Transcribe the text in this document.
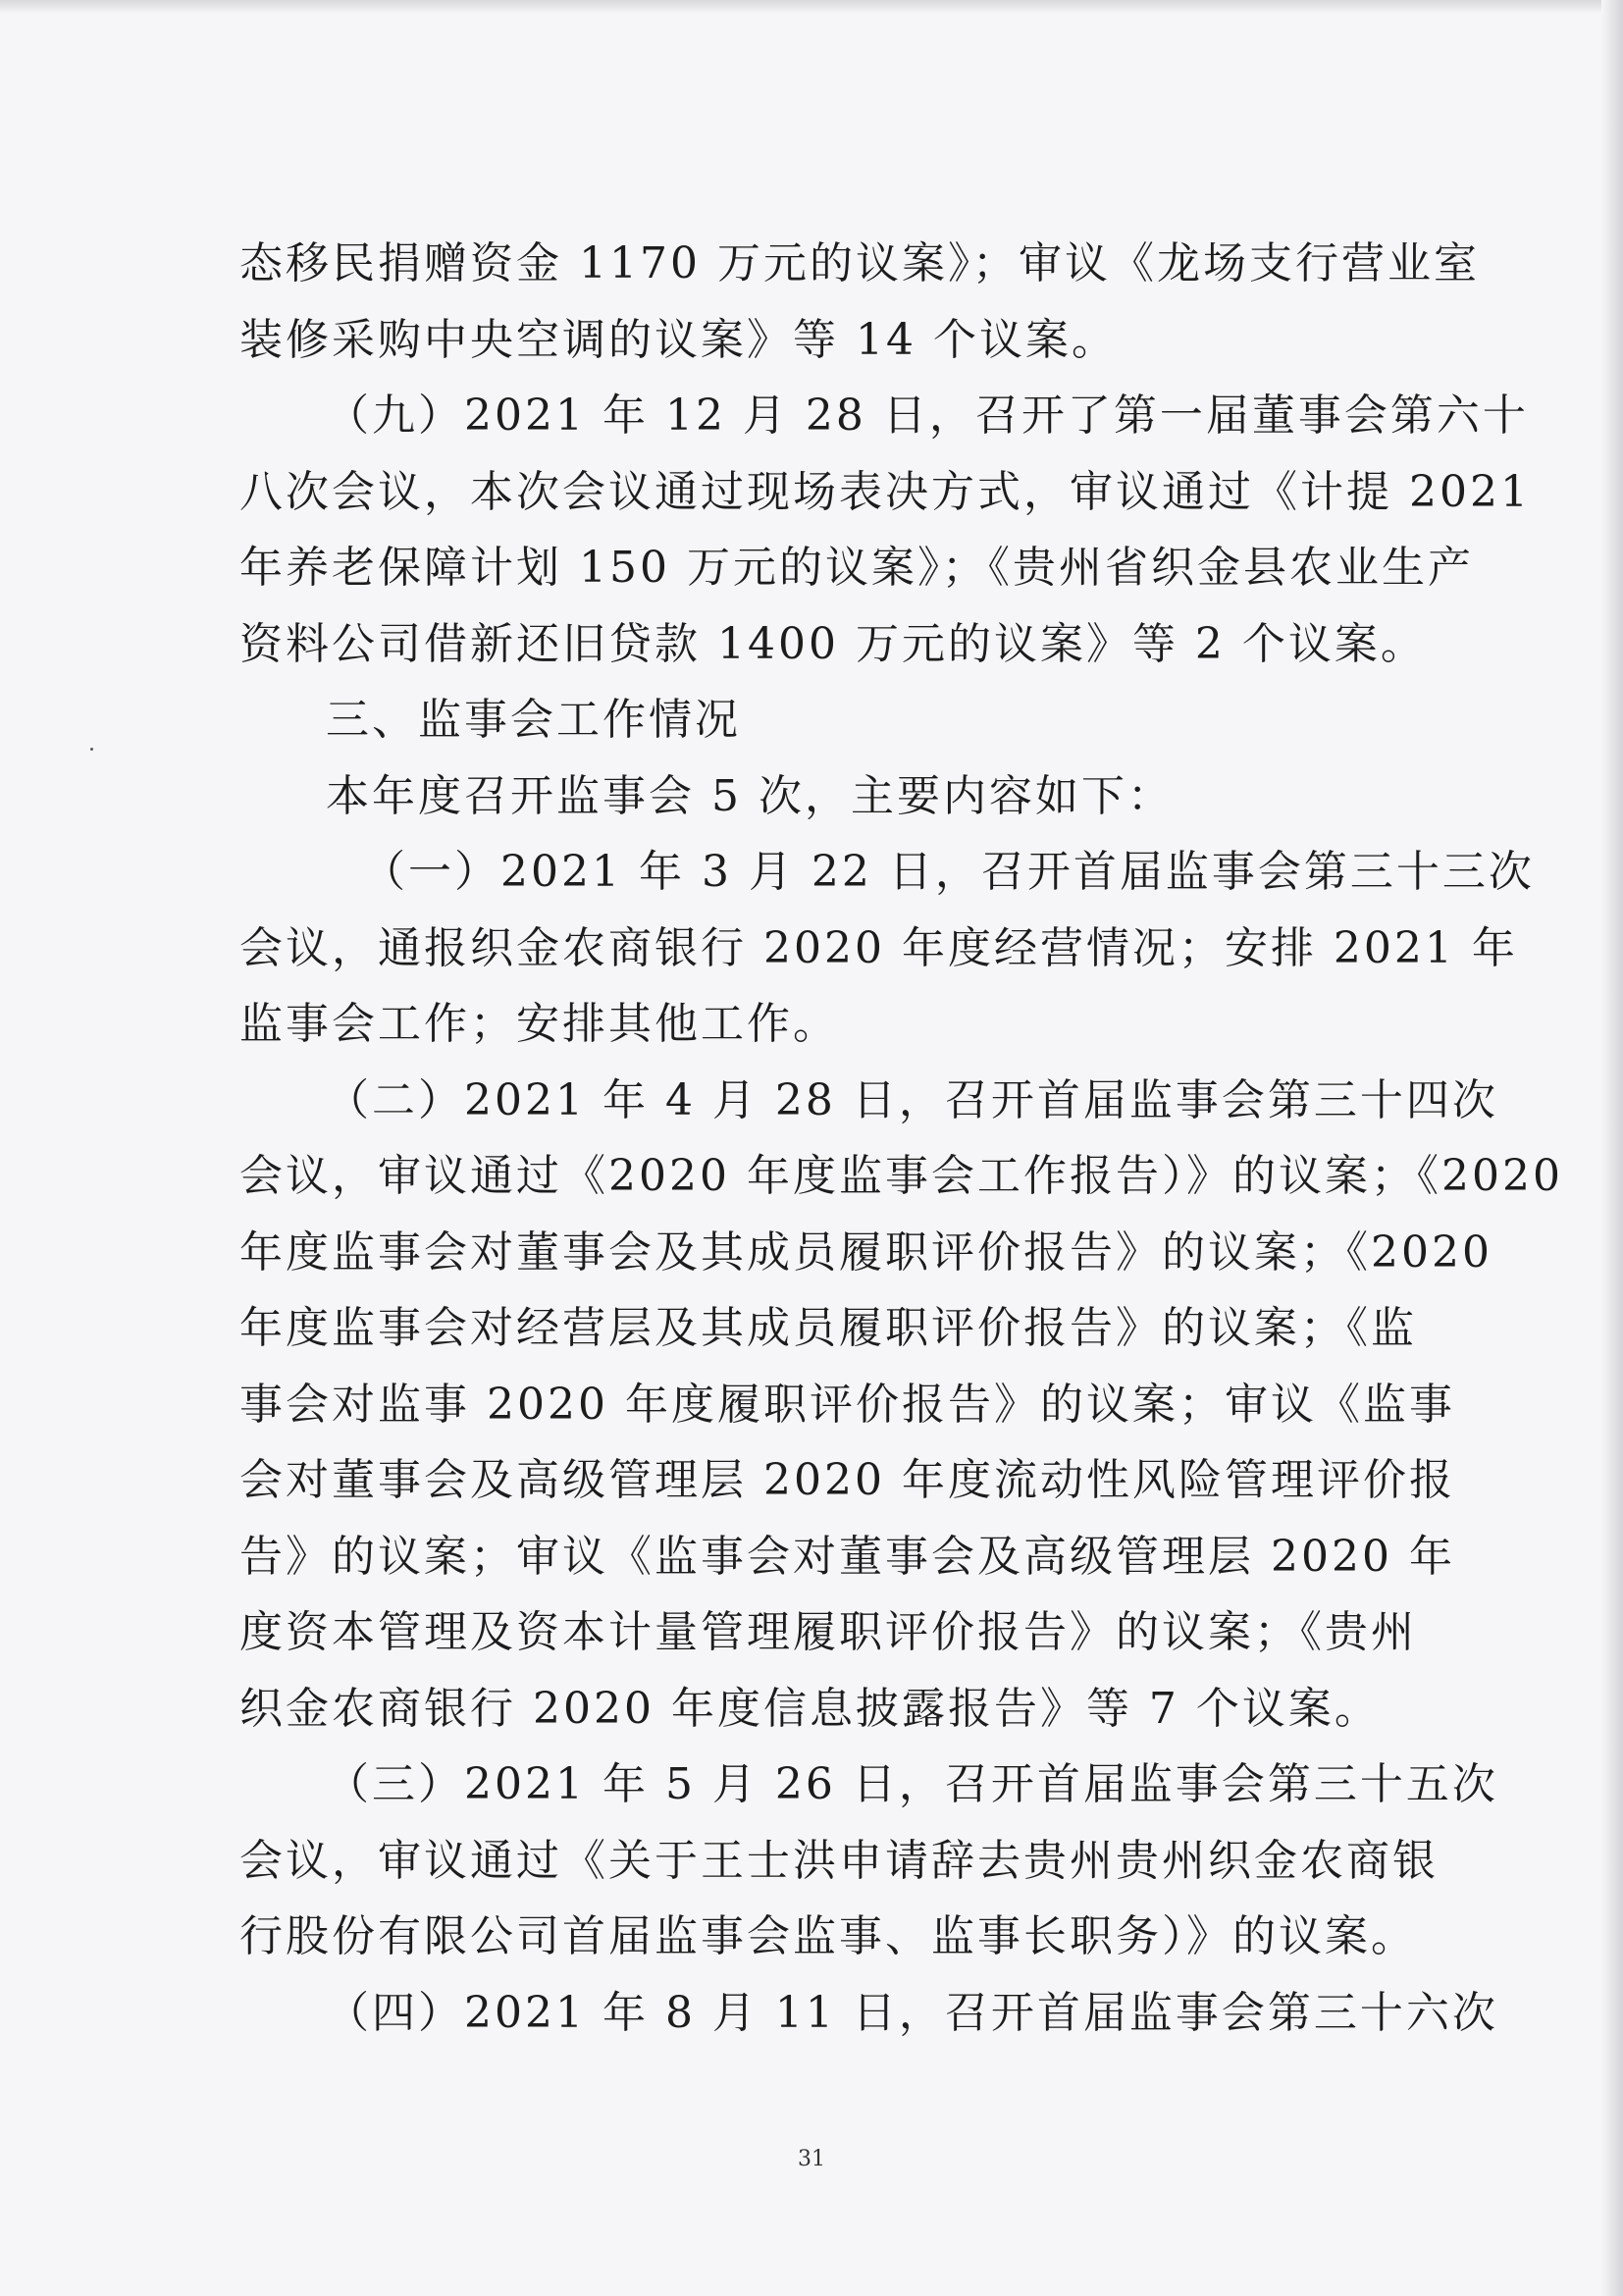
态移民捐赠资金 1170 万元的议案》；审议《龙场支行营业室
装修采购中央空调的议案》等 14 个议案。
（九）2021 年 12 月 28 日，召开了第一届董事会第六十
八次会议，本次会议通过现场表决方式，审议通过《计提 2021
年养老保障计划 150 万元的议案》；《贵州省织金县农业生产
资料公司借新还旧贷款 1400 万元的议案》等 2 个议案。
三、监事会工作情况
本年度召开监事会 5 次，主要内容如下：
（一）2021 年 3 月 22 日，召开首届监事会第三十三次
会议，通报织金农商银行 2020 年度经营情况；安排 2021 年
监事会工作；安排其他工作。
（二）2021 年 4 月 28 日，召开首届监事会第三十四次
会议，审议通过《2020 年度监事会工作报告）》的议案；《2020
年度监事会对董事会及其成员履职评价报告》的议案；《2020
年度监事会对经营层及其成员履职评价报告》的议案；《监
事会对监事 2020 年度履职评价报告》的议案；审议《监事
会对董事会及高级管理层 2020 年度流动性风险管理评价报
告》的议案；审议《监事会对董事会及高级管理层 2020 年
度资本管理及资本计量管理履职评价报告》的议案；《贵州
织金农商银行 2020 年度信息披露报告》等 7 个议案。
（三）2021 年 5 月 26 日，召开首届监事会第三十五次
会议，审议通过《关于王士洪申请辞去贵州贵州织金农商银
行股份有限公司首届监事会监事、监事长职务）》的议案。
（四）2021 年 8 月 11 日，召开首届监事会第三十六次
31
